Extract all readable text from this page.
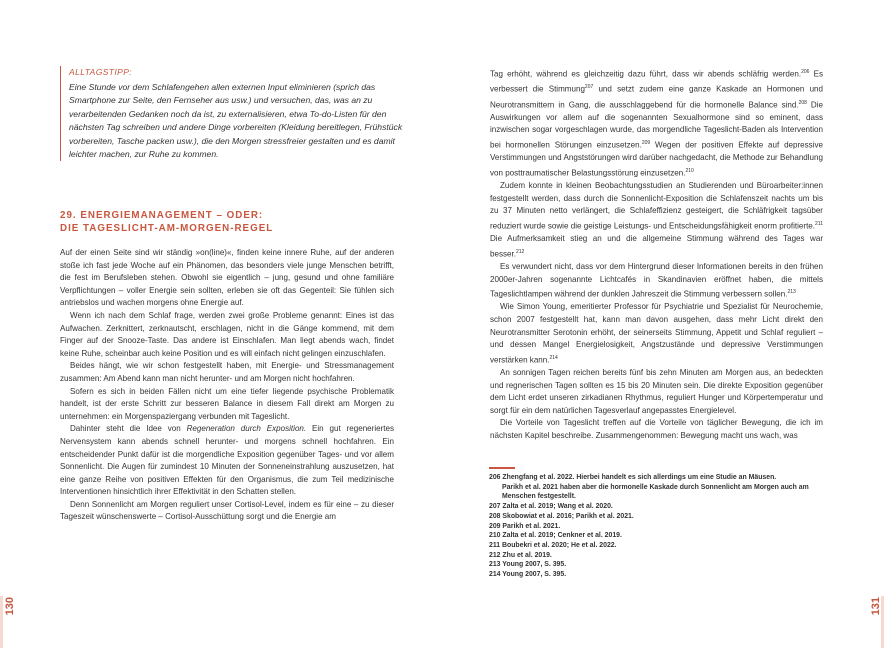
ALLTAGSTIPP:
Eine Stunde vor dem Schlafengehen allen externen Input eliminieren (sprich das Smartphone zur Seite, den Fernseher aus usw.) und versuchen, das, was an zu verarbeitenden Gedanken noch da ist, zu externalisieren, etwa To-do-Listen für den nächsten Tag schreiben und andere Dinge vorbereiten (Kleidung bereitlegen, Frühstück vorbereiten, Tasche packen usw.), die den Morgen stressfreier gestalten und es damit leichter machen, zur Ruhe zu kommen.
29. ENERGIEMANAGEMENT – ODER:
DIE TAGESLICHT-AM-MORGEN-REGEL

Auf der einen Seite sind wir ständig »on(line)«, finden keine innere Ruhe, auf der anderen stoße ich fast jede Woche auf ein Phänomen, das besonders viele junge Menschen betrifft, die fest im Berufsleben stehen. Obwohl sie eigentlich – jung, gesund und ohne familiäre Verpflichtungen – voller Energie sein sollten, erleben sie oft das Gegenteil: Sie fühlen sich antriebslos und wachen morgens ohne Energie auf.

Wenn ich nach dem Schlaf frage, werden zwei große Probleme genannt: Eines ist das Aufwachen. Zerknittert, zerknautscht, erschlagen, nicht in die Gänge kommend, mit dem Finger auf der Snooze-Taste. Das andere ist Einschlafen. Man liegt abends wach, findet keine Ruhe, scheinbar auch keine Position und es will einfach nicht gelingen einzuschlafen.

Beides hängt, wie wir schon festgestellt haben, mit Energie- und Stressmanagement zusammen: Am Abend kann man nicht herunter- und am Morgen nicht hochfahren.

Sofern es sich in beiden Fällen nicht um eine tiefer liegende psychische Problematik handelt, ist der erste Schritt zur besseren Balance in diesem Fall direkt am Morgen zu unternehmen: ein Morgenspaziergang verbunden mit Tageslicht.

Dahinter steht die Idee von Regeneration durch Exposition. Ein gut regeneriertes Nervensystem kann abends schnell herunter- und morgens schnell hochfahren. Ein entscheidender Punkt dafür ist die morgendliche Exposition gegenüber Tages- und vor allem Sonnenlicht. Die Augen für zumindest 10 Minuten der Sonneneinstrahlung auszusetzen, hat eine ganze Reihe von positiven Effekten für den Organismus, die zum Teil medizinische Interventionen hinsichtlich ihrer Effektivität in den Schatten stellen.

Denn Sonnenlicht am Morgen reguliert unser Cortisol-Level, indem es für eine – zu dieser Tageszeit wünschenswerte – Cortisol-Ausschüttung sorgt und die Energie am

130

Tag erhöht, während es gleichzeitig dazu führt, dass wir abends schläfrig werden.$^{206}$ Es verbessert die Stimmung$^{207}$ und setzt zudem eine ganze Kaskade an Hormonen und Neurotransmittern in Gang, die ausschlaggebend für die hormonelle Balance sind.$^{208}$ Die Auswirkungen vor allem auf die sogenannten Sexualhormone sind so eminent, dass inzwischen sogar vorgeschlagen wurde, das morgendliche Tageslicht-Baden als Intervention bei hormonellen Störungen einzusetzen.$^{209}$ Wegen der positiven Effekte auf depressive Verstimmungen und Angststörungen wird darüber nachgedacht, die Methode zur Behandlung von posttraumatischer Belastungsstörung einzusetzen.$^{210}$

Zudem konnte in kleinen Beobachtungsstudien an Studierenden und Büroarbeiter:innen festgestellt werden, dass durch die Sonnenlicht-Exposition die Schlafenszeit nachts um bis zu 37 Minuten netto verlängert, die Schlafeffizienz gesteigert, die Schläfrigkeit tagsüber reduziert wurde sowie die geistige Leistungs- und Entscheidungsfähigkeit enorm profitierte.$^{211}$ Die Aufmerksamkeit stieg an und die allgemeine Stimmung während des Tages war besser.$^{212}$

Es verwundert nicht, dass vor dem Hintergrund dieser Informationen bereits in den frühen 2000er-Jahren sogenannte Lichtcafés in Skandinavien eröffnet haben, die mittels Tageslichtlampen während der dunklen Jahreszeit die Stimmung verbessern sollen.$^{213}$

Wie Simon Young, emeritierter Professor für Psychiatrie und Spezialist für Neurochemie, schon 2007 festgestellt hat, kann man davon ausgehen, dass mehr Licht direkt den Neurotransmitter Serotonin erhöht, der seinerseits Stimmung, Appetit und Schlaf reguliert – und dessen Mangel Energielosigkeit, Angstzustände und depressive Verstimmungen verstärken kann.$^{214}$

An sonnigen Tagen reichen bereits fünf bis zehn Minuten am Morgen aus, an bedeckten und regnerischen Tagen sollten es 15 bis 20 Minuten sein. Die direkte Exposition gegenüber dem Licht erdet unseren zirkadianen Rhythmus, reguliert Hunger und Körpertemperatur und sorgt für ein dem natürlichen Tagesverlauf angepasstes Energielevel.

Die Vorteile von Tageslicht treffen auf die Vorteile von täglicher Bewegung, die ich im nächsten Kapitel beschreibe. Zusammengenommen: Bewegung macht uns wach, was

206 Zhengfang et al. 2022. Hierbei handelt es sich allerdings um eine Studie an Mäusen.
Parikh et al. 2021 haben aber die hormonelle Kaskade durch Sonnenlicht am Morgen auch am Menschen festgestellt.
207 Zalta et al. 2019; Wang et al. 2020.
208 Skobowiat et al. 2016; Parikh et al. 2021.
209 Parikh et al. 2021.
210 Zalta et al. 2019; Cenkner et al. 2019.
211 Boubekri et al. 2020; He et al. 2022.
212 Zhu et al. 2019.
213 Young 2007, S. 395.
214 Young 2007, S. 395.
131
